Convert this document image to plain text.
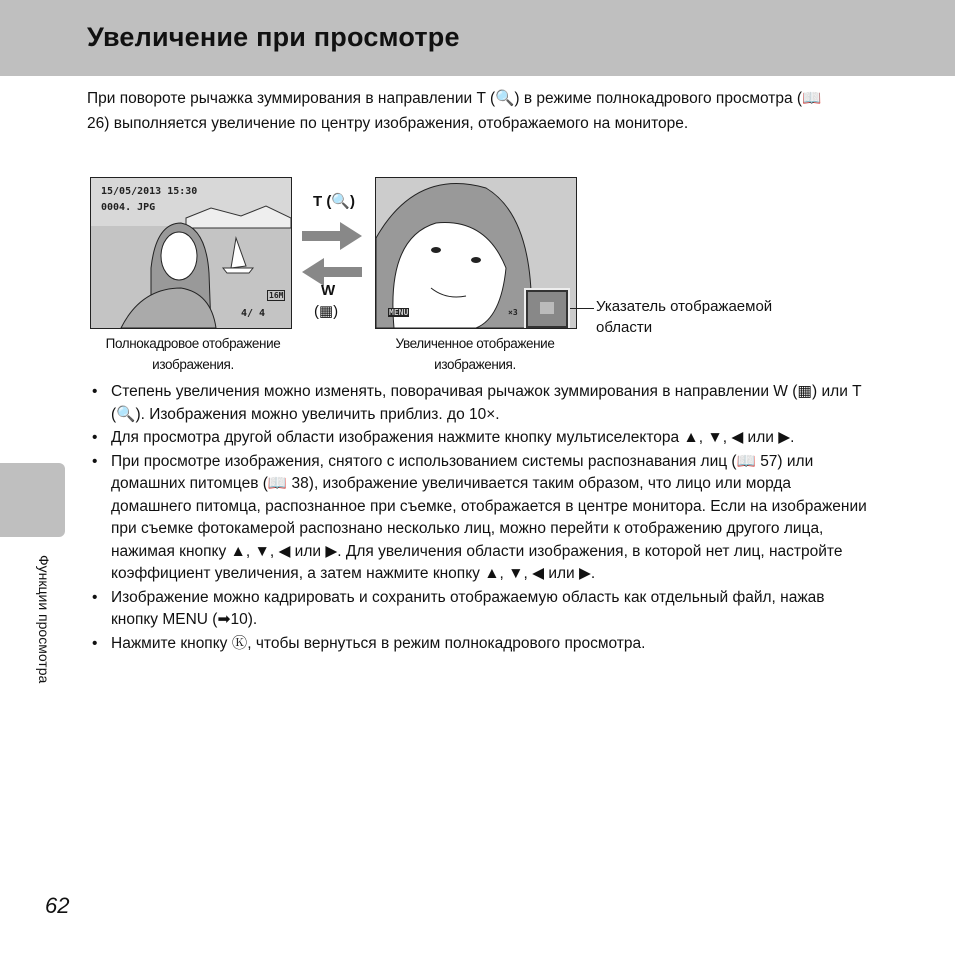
Увеличение при просмотре
При повороте рычажка зуммирования в направлении T (🔍) в режиме полнокадрового просмотра (📖 26) выполняется увеличение по центру изображения, отображаемого на мониторе.
15/05/2013 15:30
0004. JPG
16M
4/ 4	MENU	×3
T (🔍)
W
(▦)	Указатель отображаемой области
Полнокадровое отображение изображения.
Увеличенное отображение изображения.
• Степень увеличения можно изменять, поворачивая рычажок зуммирования в направлении W (▦) или T (🔍). Изображения можно увеличить приблиз. до 10×.
• Для просмотра другой области изображения нажмите кнопку мультиселектора ▲, ▼, ◀ или ▶.
• При просмотре изображения, снятого с использованием системы распознавания лиц (📖 57) или домашних питомцев (📖 38), изображение увеличивается таким образом, что лицо или морда домашнего питомца, распознанное при съемке, отображается в центре монитора. Если на изображении при съемке фотокамерой распознано несколько лиц, можно перейти к отображению другого лица, нажимая кнопку ▲, ▼, ◀ или ▶. Для увеличения области изображения, в которой нет лиц, настройте коэффициент увеличения, а затем нажмите кнопку ▲, ▼, ◀ или ▶.
• Изображение можно кадрировать и сохранить отображаемую область как отдельный файл, нажав кнопку MENU (➡10).
• Нажмите кнопку Ⓚ, чтобы вернуться в режим полнокадрового просмотра.
Функции просмотра
62
